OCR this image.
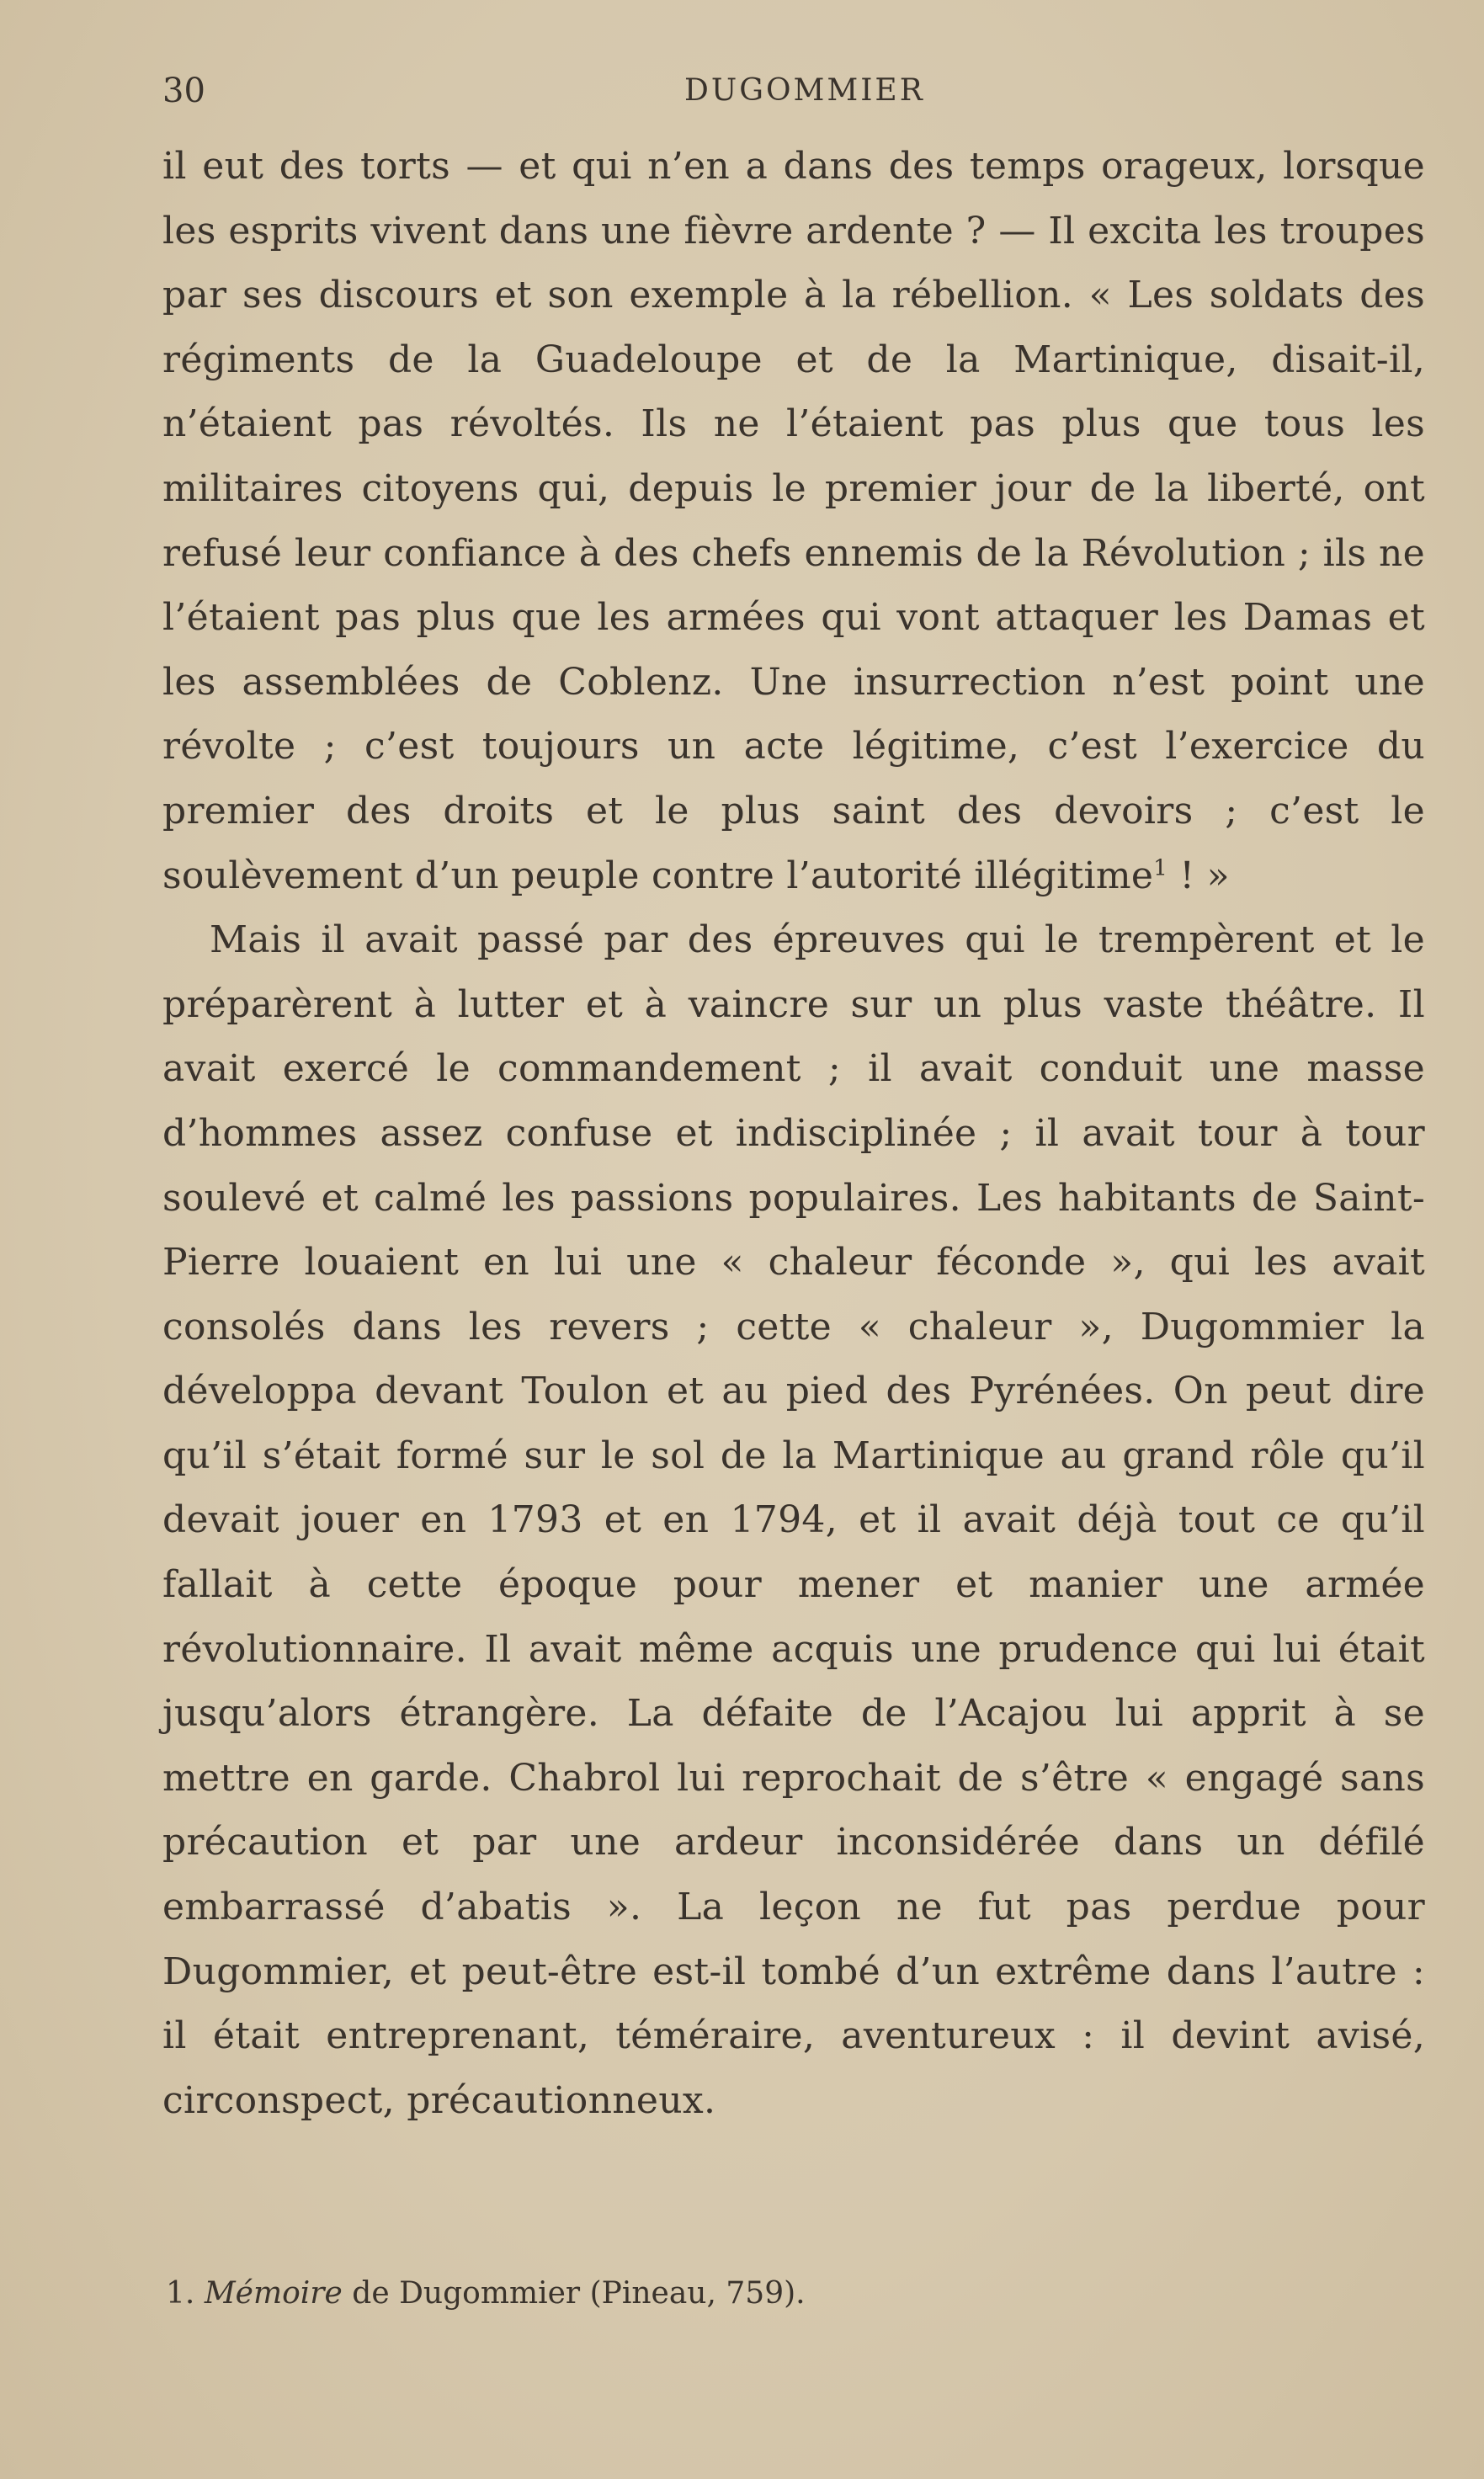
30	DUGOMMIER

il eut des torts — et qui n’en a dans des temps orageux, lorsque les esprits vivent dans une fièvre ardente ? — Il excita les troupes par ses discours et son exemple à la rébellion. « Les soldats des régiments de la Guadeloupe et de la Martinique, disait-il, n’étaient pas révoltés. Ils ne l’étaient pas plus que tous les militaires citoyens qui, depuis le premier jour de la liberté, ont refusé leur confiance à des chefs ennemis de la Révolution ; ils ne l’étaient pas plus que les armées qui vont attaquer les Damas et les assemblées de Coblenz. Une insurrection n’est point une révolte ; c’est toujours un acte légitime, c’est l’exercice du premier des droits et le plus saint des devoirs ; c’est le soulèvement d’un peuple contre l’autorité illégitime$^1$ ! »

Mais il avait passé par des épreuves qui le trempèrent et le préparèrent à lutter et à vaincre sur un plus vaste théâtre. Il avait exercé le commandement ; il avait conduit une masse d’hommes assez confuse et indisciplinée ; il avait tour à tour soulevé et calmé les passions populaires. Les habitants de Saint-Pierre louaient en lui une « chaleur féconde », qui les avait consolés dans les revers ; cette « chaleur », Dugommier la développa devant Toulon et au pied des Pyrénées. On peut dire qu’il s’était formé sur le sol de la Martinique au grand rôle qu’il devait jouer en 1793 et en 1794, et il avait déjà tout ce qu’il fallait à cette époque pour mener et manier une armée révolutionnaire. Il avait même acquis une prudence qui lui était jusqu’alors étrangère. La défaite de l’Acajou lui apprit à se mettre en garde. Chabrol lui reprochait de s’être « engagé sans précaution et par une ardeur inconsidérée dans un défilé embarrassé d’abatis ». La leçon ne fut pas perdue pour Dugommier, et peut-être est-il tombé d’un extrême dans l’autre : il était entreprenant, téméraire, aventureux : il devint avisé, circonspect, précautionneux.

1. Mémoire de Dugommier (Pineau, 759).
